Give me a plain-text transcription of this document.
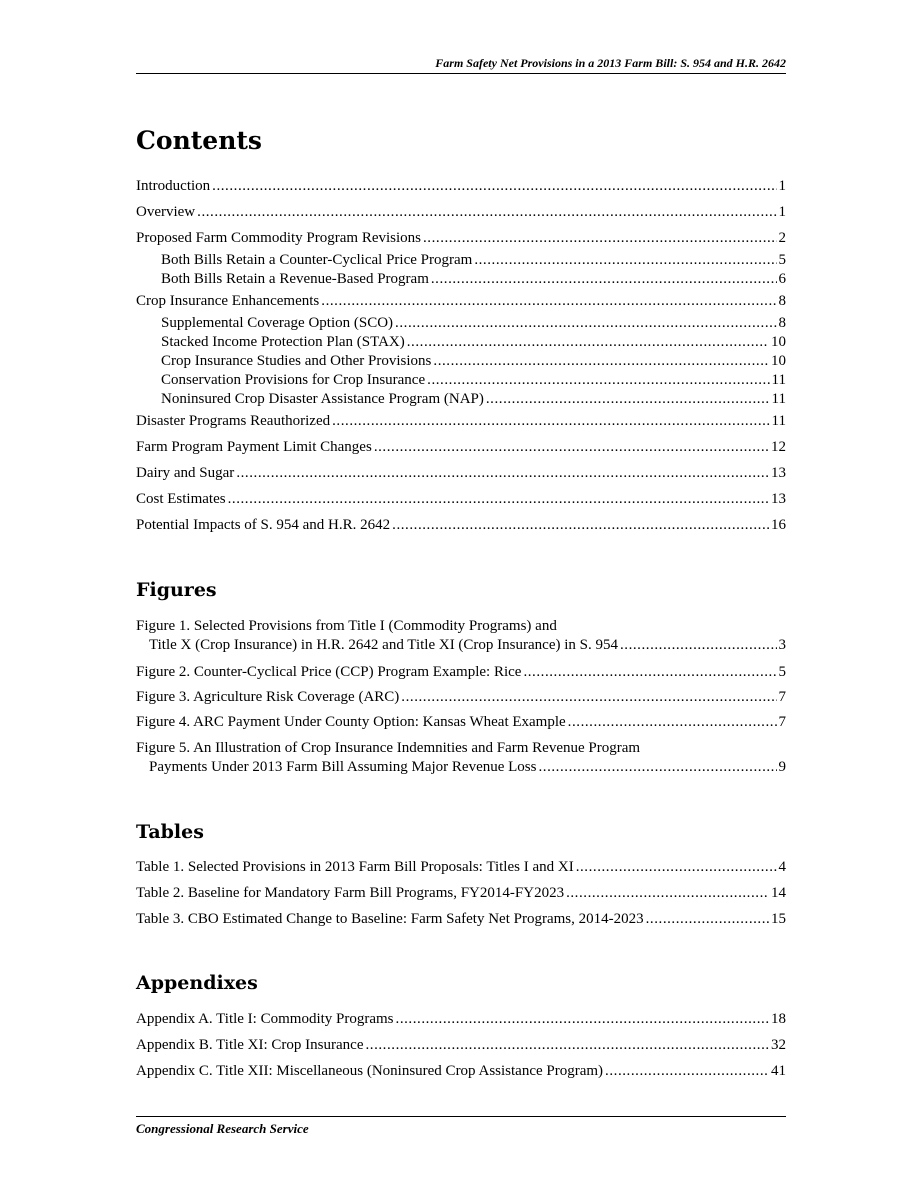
Farm Safety Net Provisions in a 2013 Farm Bill: S. 954 and H.R. 2642
Contents
Introduction . . .	1
Overview . . .	1
Proposed Farm Commodity Program Revisions . . .	2
Both Bills Retain a Counter-Cyclical Price Program . . .	5
Both Bills Retain a Revenue-Based Program . . .	6
Crop Insurance Enhancements . . .	8
Supplemental Coverage Option (SCO) . . .	8
Stacked Income Protection Plan (STAX) . . .	10
Crop Insurance Studies and Other Provisions . . .	10
Conservation Provisions for Crop Insurance . . .	11
Noninsured Crop Disaster Assistance Program (NAP) . . .	11
Disaster Programs Reauthorized . . .	11
Farm Program Payment Limit Changes . . .	12
Dairy and Sugar . . .	13
Cost Estimates . . .	13
Potential Impacts of S. 954 and H.R. 2642 . . .	16
Figures
Figure 1. Selected Provisions from Title I (Commodity Programs) and
Title X (Crop Insurance) in H.R. 2642 and Title XI (Crop Insurance) in S. 954 . . .	3
Figure 2. Counter-Cyclical Price (CCP) Program Example: Rice . . .	5
Figure 3. Agriculture Risk Coverage (ARC) . . .	7
Figure 4. ARC Payment Under County Option: Kansas Wheat Example . . .	7
Figure 5. An Illustration of Crop Insurance Indemnities and Farm Revenue Program
Payments Under 2013 Farm Bill Assuming Major Revenue Loss . . .	9
Tables
Table 1. Selected Provisions in 2013 Farm Bill Proposals: Titles I and XI . . .	4
Table 2. Baseline for Mandatory Farm Bill Programs, FY2014-FY2023 . . .	14
Table 3. CBO Estimated Change to Baseline: Farm Safety Net Programs, 2014-2023 . . .	15
Appendixes
Appendix A. Title I: Commodity Programs . . .	18
Appendix B. Title XI: Crop Insurance . . .	32
Appendix C. Title XII: Miscellaneous (Noninsured Crop Assistance Program) . . .	41
Congressional Research Service
